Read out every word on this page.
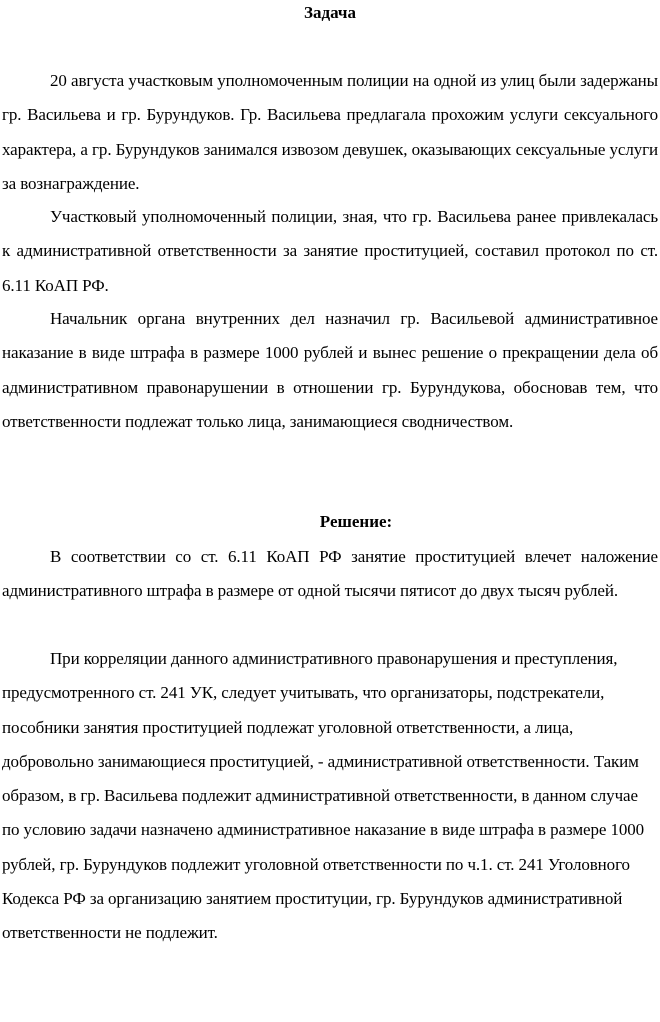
Задача

20 августа участковым уполномоченным полиции на одной из улиц были задержаны гр. Васильева и гр. Бурундуков. Гр. Васильева предлагала прохожим услуги сексуального характера, а гр. Бурундуков занимался извозом девушек, оказывающих сексуальные услуги за вознаграждение.

Участковый уполномоченный полиции, зная, что гр. Васильева ранее привлекалась к административной ответственности за занятие проституцией, составил протокол по ст. 6.11 КоАП РФ.

Начальник органа внутренних дел назначил гр. Васильевой административное наказание в виде штрафа в размере 1000 рублей и вынес решение о прекращении дела об административном правонарушении в отношении гр. Бурундукова, обосновав тем, что ответственности подлежат только лица, занимающиеся сводничеством.

Решение:

В соответствии со ст. 6.11 КоАП РФ занятие проституцией влечет наложение административного штрафа в размере от одной тысячи пятисот до двух тысяч рублей.

При корреляции данного административного правонарушения и преступления, предусмотренного ст. 241 УК, следует учитывать, что организаторы, подстрекатели, пособники занятия проституцией подлежат уголовной ответственности, а лица, добровольно занимающиеся проституцией, - административной ответственности. Таким образом, в гр. Васильева подлежит административной ответственности, в данном случае по условию задачи назначено административное наказание в виде штрафа в размере 1000 рублей, гр. Бурундуков подлежит уголовной ответственности по ч.1. ст. 241 Уголовного Кодекса РФ за организацию занятием проституции, гр. Бурундуков административной ответственности не подлежит.
